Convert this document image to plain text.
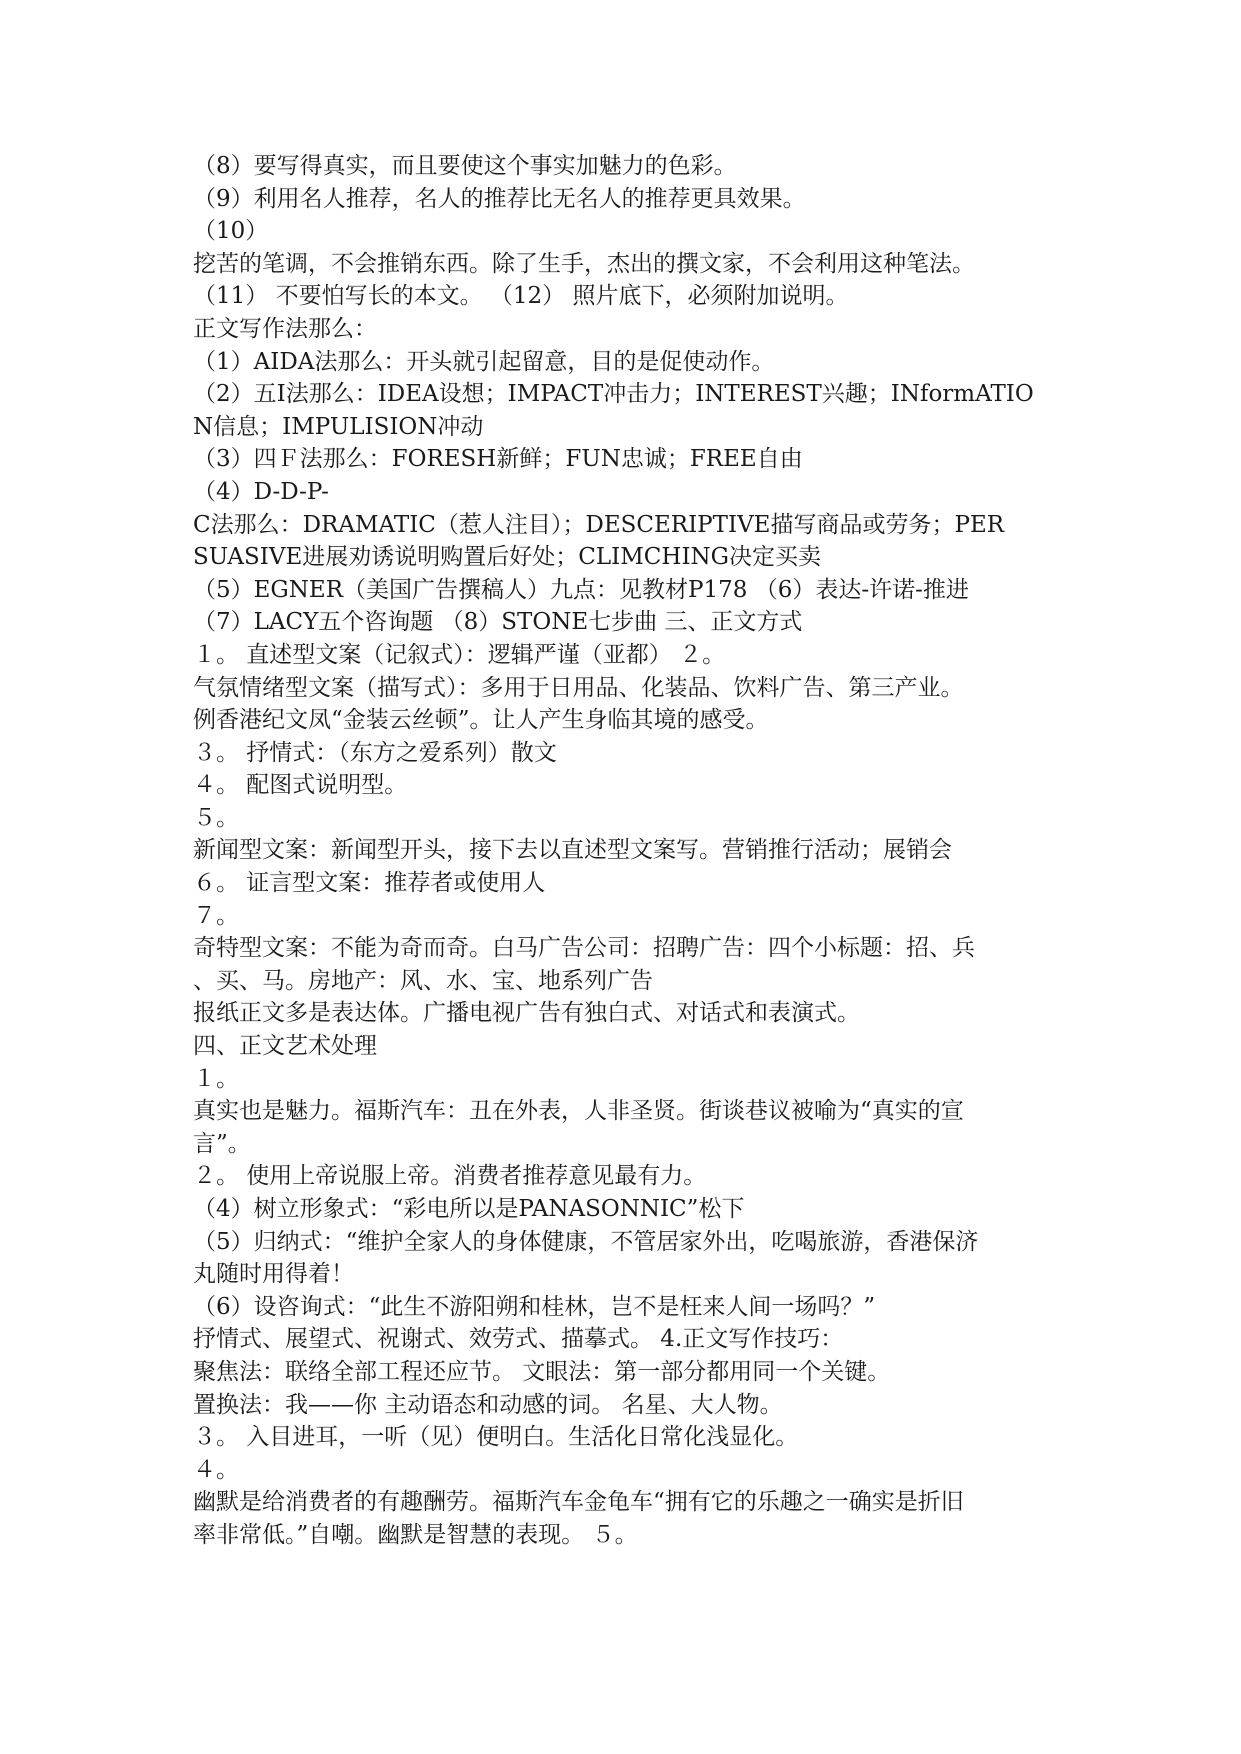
（8）要写得真实，而且要使这个事实加魅力的色彩。
（9）利用名人推荐，名人的推荐比无名人的推荐更具效果。
（10）
挖苦的笔调，不会推销东西。除了生手，杰出的撰文家，不会利用这种笔法。
（11） 不要怕写长的本文。 （12） 照片底下，必须附加说明。
正文写作法那么：
（1）AIDA法那么：开头就引起留意，目的是促使动作。
（2）五I法那么：IDEA设想；IMPACT冲击力；INTEREST兴趣；INformATIO
N信息；IMPULISION冲动
（3）四Ｆ法那么：FORESH新鲜；FUN忠诚；FREE自由
（4）D-D-P-
C法那么：DRAMATIC（惹人注目）；DESCERIPTIVE描写商品或劳务；PER
SUASIVE进展劝诱说明购置后好处；CLIMCHING决定买卖
（5）EGNER（美国广告撰稿人）九点：见教材P178 （6）表达-许诺-推进
（7）LACY五个咨询题 （8）STONE七步曲 三、正文方式
１。 直述型文案（记叙式）：逻辑严谨（亚都） ２。
气氛情绪型文案（描写式）：多用于日用品、化装品、饮料广告、第三产业。
例香港纪文凤“金装云丝顿”。让人产生身临其境的感受。
３。 抒情式：（东方之爱系列）散文
４。 配图式说明型。
５。
新闻型文案：新闻型开头，接下去以直述型文案写。营销推行活动；展销会
６。 证言型文案：推荐者或使用人
７。
奇特型文案：不能为奇而奇。白马广告公司：招聘广告：四个小标题：招、兵
、买、马。房地产：风、水、宝、地系列广告
报纸正文多是表达体。广播电视广告有独白式、对话式和表演式。
四、正文艺术处理
１。
真实也是魅力。福斯汽车：丑在外表，人非圣贤。街谈巷议被喻为“真实的宣
言”。
２。 使用上帝说服上帝。消费者推荐意见最有力。
（4）树立形象式：“彩电所以是PANASONNIC”松下
（5）归纳式：“维护全家人的身体健康，不管居家外出，吃喝旅游，香港保济
丸随时用得着！
（6）设咨询式：“此生不游阳朔和桂林，岂不是枉来人间一场吗？”
抒情式、展望式、祝谢式、效劳式、描摹式。 4.正文写作技巧：
聚焦法：联络全部工程还应节。 文眼法：第一部分都用同一个关键。
置换法：我——你 主动语态和动感的词。 名星、大人物。
３。 入目进耳，一听（见）便明白。生活化日常化浅显化。
４。
幽默是给消费者的有趣酬劳。福斯汽车金龟车“拥有它的乐趣之一确实是折旧
率非常低。”自嘲。幽默是智慧的表现。 ５。
